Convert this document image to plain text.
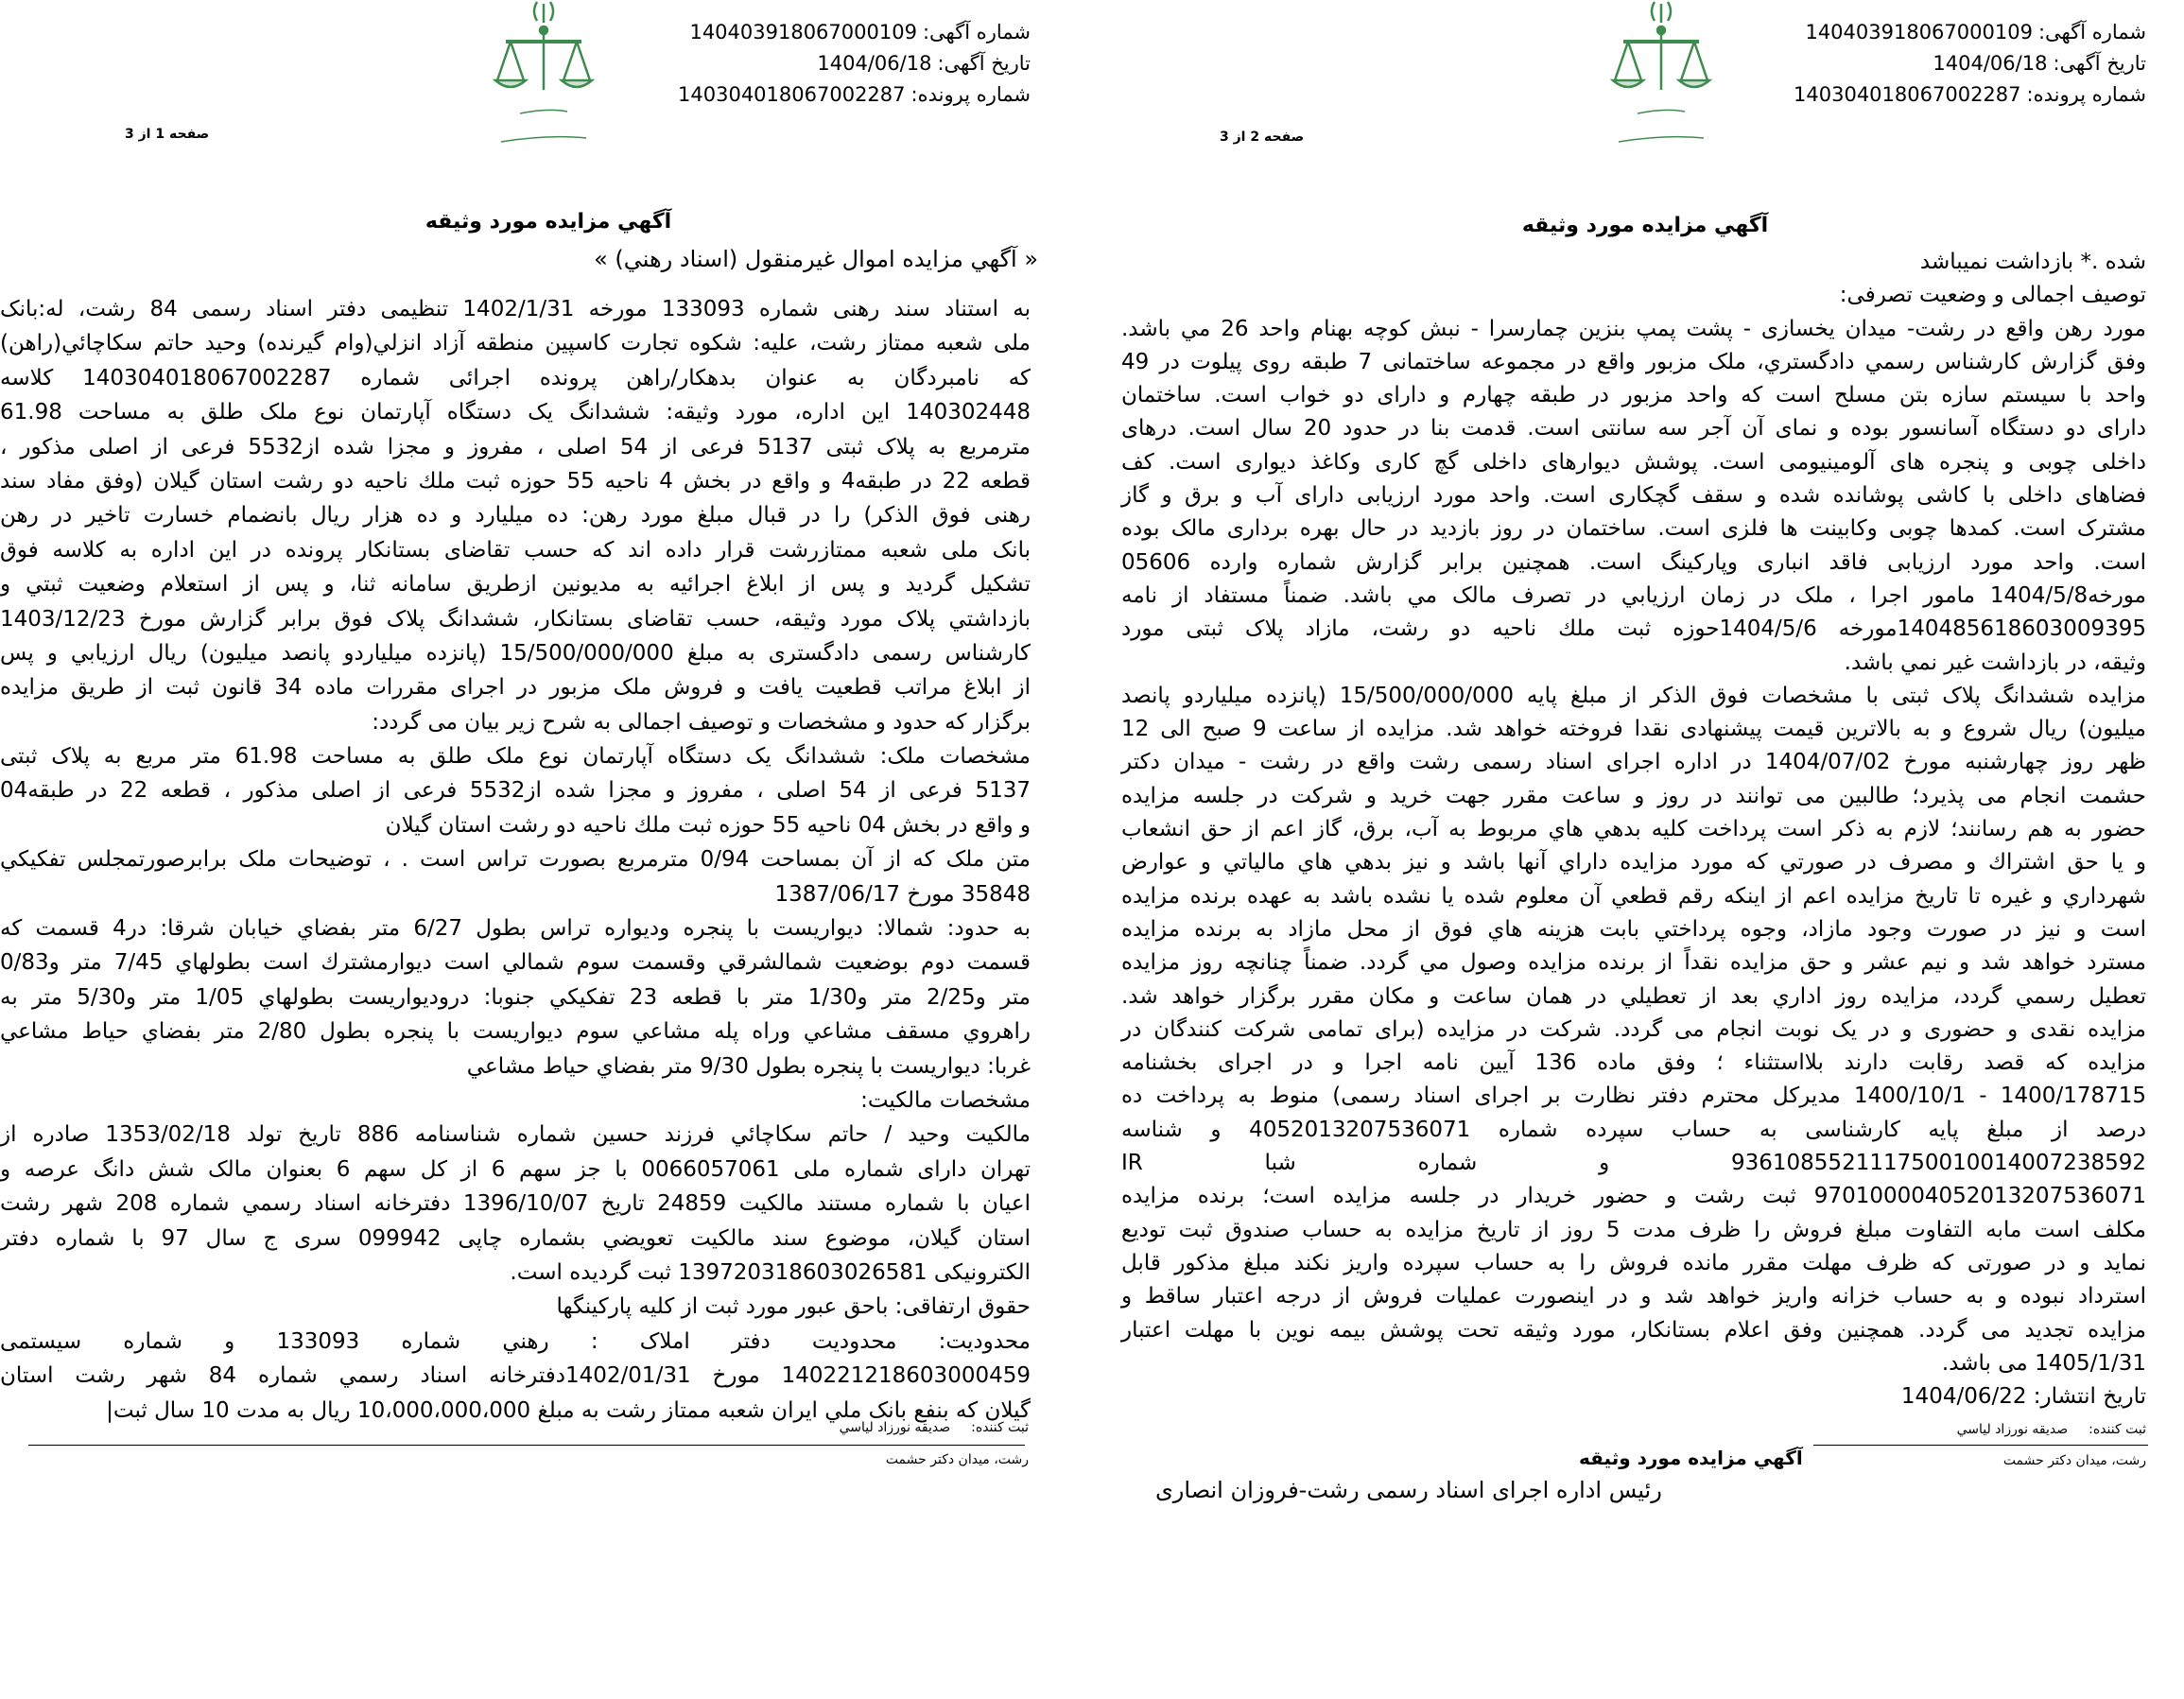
شماره آگهی:140403918067000109
تاریخ آگهی:1404/06/18
شماره پرونده:140304018067002287
صفحه 1 از 3
آگهي مزایده مورد وثیقه
« آگهي مزایده اموال غیرمنقول (اسناد رهني) »
به استناد سند رهنی شماره 133093 مورخه 1402/1/31 تنظیمی دفتر اسناد رسمی 84 رشت، له:بانک
ملی شعبه ممتاز رشت، علیه: شکوه تجارت کاسپین منطقه آزاد انزلي(وام گیرنده) وحید حاتم سکاچائي(راهن)
که نامبردگان به عنوان بدهکار/راهن پرونده اجرائی شماره 140304018067002287 کلاسه
140302448 این اداره، مورد وثیقه: ششدانگ یک دستگاه آپارتمان نوع ملک طلق به مساحت 61.98
مترمربع به پلاک ثبتی 5137 فرعی از 54 اصلی ، مفروز و مجزا شده از5532 فرعی از اصلی مذکور ،
قطعه 22 در طبقه4 و واقع در بخش 4 ناحیه 55 حوزه ثبت ملك ناحیه دو رشت استان گیلان (وفق مفاد سند
رهنی فوق الذکر) را در قبال مبلغ مورد رهن: ده میلیارد و ده هزار ریال بانضمام خسارت تاخیر در رهن
بانک ملی شعبه ممتازرشت قرار داده اند که حسب تقاضای بستانکار پرونده در این اداره به کلاسه فوق
تشکیل گردید و پس از ابلاغ اجرائیه به مدیونین ازطریق سامانه ثنا، و پس از استعلام وضعیت ثبتي و
بازداشتي پلاک مورد وثیقه، حسب تقاضای بستانکار، ششدانگ پلاک فوق برابر گزارش مورخ 1403/12/23
کارشناس رسمی دادگستری به مبلغ 15/500/000/000 (پانزده میلیاردو پانصد میلیون) ریال ارزیابي و پس
از ابلاغ مراتب قطعیت یافت و فروش ملک مزبور در اجرای مقررات ماده 34 قانون ثبت از طریق مزایده
برگزار که حدود و مشخصات و توصیف اجمالی به شرح زیر بیان می گردد:
مشخصات ملک: ششدانگ یک دستگاه آپارتمان نوع ملک طلق به مساحت 61.98 متر مربع به پلاک ثبتی
5137 فرعی از 54 اصلی ، مفروز و مجزا شده از5532 فرعی از اصلی مذکور ، قطعه 22 در طبقه04
و واقع در بخش 04 ناحیه 55 حوزه ثبت ملك ناحیه دو رشت استان گیلان
متن ملک که از آن بمساحت 0/94 مترمربع بصورت تراس است . ، توضیحات ملک برابرصورتمجلس تفکیکي
35848 مورخ 1387/06/17
به حدود: شمالا: دیواریست با پنجره ودیواره تراس بطول 6/27 متر بفضاي خیابان شرقا: در4 قسمت که
قسمت دوم بوضعیت شمالشرقي وقسمت سوم شمالي است دیوارمشترك است بطولهاي 7/45 متر و0/83
متر و2/25 متر و1/30 متر با قطعه 23 تفکیکي جنوبا: درودیواریست بطولهاي 1/05 متر و5/30 متر به
راهروي مسقف مشاعي وراه پله مشاعي سوم دیواریست با پنجره بطول 2/80 متر بفضاي حیاط مشاعي
غربا: دیواریست با پنجره بطول 9/30 متر بفضاي حیاط مشاعي
مشخصات مالکیت:
مالکیت وحید / حاتم سکاچائي فرزند حسین شماره شناسنامه 886 تاریخ تولد 1353/02/18 صادره از
تهران دارای شماره ملی 0066057061 با جز سهم 6 از کل سهم 6 بعنوان مالک شش دانگ عرصه و
اعیان با شماره مستند مالکیت 24859 تاریخ 1396/10/07 دفترخانه اسناد رسمي شماره 208 شهر رشت
استان گیلان، موضوع سند مالکیت تعویضي بشماره چاپی 099942 سری ج سال 97 با شماره دفتر
الکترونیکی 139720318603026581 ثبت گردیده است.
حقوق ارتفاقی: باحق عبور مورد ثبت از کلیه پارکینگها
محدودیت: محدودیت دفتر املاک : رهني شماره 133093 و شماره سیستمی
140221218603000459 مورخ 1402/01/31دفترخانه اسناد رسمي شماره 84 شهر رشت استان
گیلان که بنفع بانک ملي ایران شعبه ممتاز رشت به مبلغ 10،000،000،000 ریال به مدت 10 سال ثبت|
ثبت کننده:صدیقه نورزاد لیاسي
رشت، میدان دکتر حشمت
شماره آگهی:140403918067000109
تاریخ آگهی:1404/06/18
شماره پرونده:140304018067002287
صفحه 2 از 3
آگهي مزایده مورد وثیقه
شده .* بازداشت نمیباشد
توصیف اجمالی و وضعیت تصرفی:
مورد رهن واقع در رشت- میدان یخسازی - پشت پمپ بنزین چمارسرا - نبش کوچه بهنام واحد 26 مي باشد.
وفق گزارش کارشناس رسمي دادگستري، ملک مزبور واقع در مجموعه ساختمانی 7 طبقه روی پیلوت در 49
واحد با سیستم سازه بتن مسلح است که واحد مزبور در طبقه چهارم و دارای دو خواب است. ساختمان
دارای دو دستگاه آسانسور بوده و نمای آن آجر سه سانتی است. قدمت بنا در حدود 20 سال است. درهای
داخلی چوبی و پنجره های آلومینیومی است. پوشش دیوارهای داخلی گچ کاری وکاغذ دیواری است. کف
فضاهای داخلی با کاشی پوشانده شده و سقف گچکاری است. واحد مورد ارزیابی دارای آب و برق و گاز
مشترک است. کمدها چوبی وکابینت ها فلزی است. ساختمان در روز بازدید در حال بهره برداری مالک بوده
است. واحد مورد ارزیابی فاقد انباری وپارکینگ است. همچنین برابر گزارش شماره وارده 05606
مورخه1404/5/8 مامور اجرا ، ملک در زمان ارزیابي در تصرف مالک مي باشد. ضمناً مستفاد از نامه
140485618603009395مورخه 1404/5/6حوزه ثبت ملك ناحیه دو رشت، مازاد پلاک ثبتی مورد
وثیقه، در بازداشت غیر نمي باشد.
مزایده ششدانگ پلاک ثبتی با مشخصات فوق الذکر از مبلغ پایه 15/500/000/000 (پانزده میلیاردو پانصد
میلیون) ریال شروع و به بالاترین قیمت پیشنهادی نقدا فروخته خواهد شد. مزایده از ساعت 9 صبح الی 12
ظهر روز چهارشنبه مورخ 1404/07/02 در اداره اجرای اسناد رسمی رشت واقع در رشت - میدان دکتر
حشمت انجام می پذیرد؛ طالبین می توانند در روز و ساعت مقرر جهت خرید و شرکت در جلسه مزایده
حضور به هم رسانند؛ لازم به ذکر است پرداخت کلیه بدهي هاي مربوط به آب، برق، گاز اعم از حق انشعاب
و یا حق اشتراك و مصرف در صورتي که مورد مزایده داراي آنها باشد و نیز بدهي هاي مالیاتي و عوارض
شهرداري و غیره تا تاریخ مزایده اعم از اینکه رقم قطعي آن معلوم شده یا نشده باشد به عهده برنده مزایده
است و نیز در صورت وجود مازاد، وجوه پرداختي بابت هزینه هاي فوق از محل مازاد به برنده مزایده
مسترد خواهد شد و نیم عشر و حق مزایده نقداً از برنده مزایده وصول مي گردد. ضمناً چنانچه روز مزایده
تعطیل رسمي گردد، مزایده روز اداري بعد از تعطیلي در همان ساعت و مکان مقرر برگزار خواهد شد.
مزایده نقدی و حضوری و در یک نوبت انجام می گردد. شرکت در مزایده (برای تمامی شرکت کنندگان در
مزایده که قصد رقابت دارند بلااستثناء ؛ وفق ماده 136 آیین نامه اجرا و در اجرای بخشنامه
1400/178715 - 1400/10/1 مدیرکل محترم دفتر نظارت بر اجرای اسناد رسمی) منوط به پرداخت ده
درصد از مبلغ پایه کارشناسی به حساب سپرده شماره 4052013207536071 و شناسه
936108552111750010014007238592 و شماره شبا IR
970100004052013207536071 ثبت رشت و حضور خریدار در جلسه مزایده است؛ برنده مزایده
مکلف است مابه التفاوت مبلغ فروش را ظرف مدت 5 روز از تاریخ مزایده به حساب صندوق ثبت تودیع
نماید و در صورتی که ظرف مهلت مقرر مانده فروش را به حساب سپرده واریز نکند مبلغ مذکور قابل
استرداد نبوده و به حساب خزانه واریز خواهد شد و در اینصورت عملیات فروش از درجه اعتبار ساقط و
مزایده تجدید می گردد. همچنین وفق اعلام بستانکار، مورد وثیقه تحت پوشش بیمه نوین با مهلت اعتبار
1405/1/31 می باشد.
تاریخ انتشار: 1404/06/22
ثبت کننده:صدیقه نورزاد لیاسي
رشت، میدان دکتر حشمت
آگهي مزایده مورد وثیقه
رئیس اداره اجرای اسناد رسمی رشت-فروزان انصاری
